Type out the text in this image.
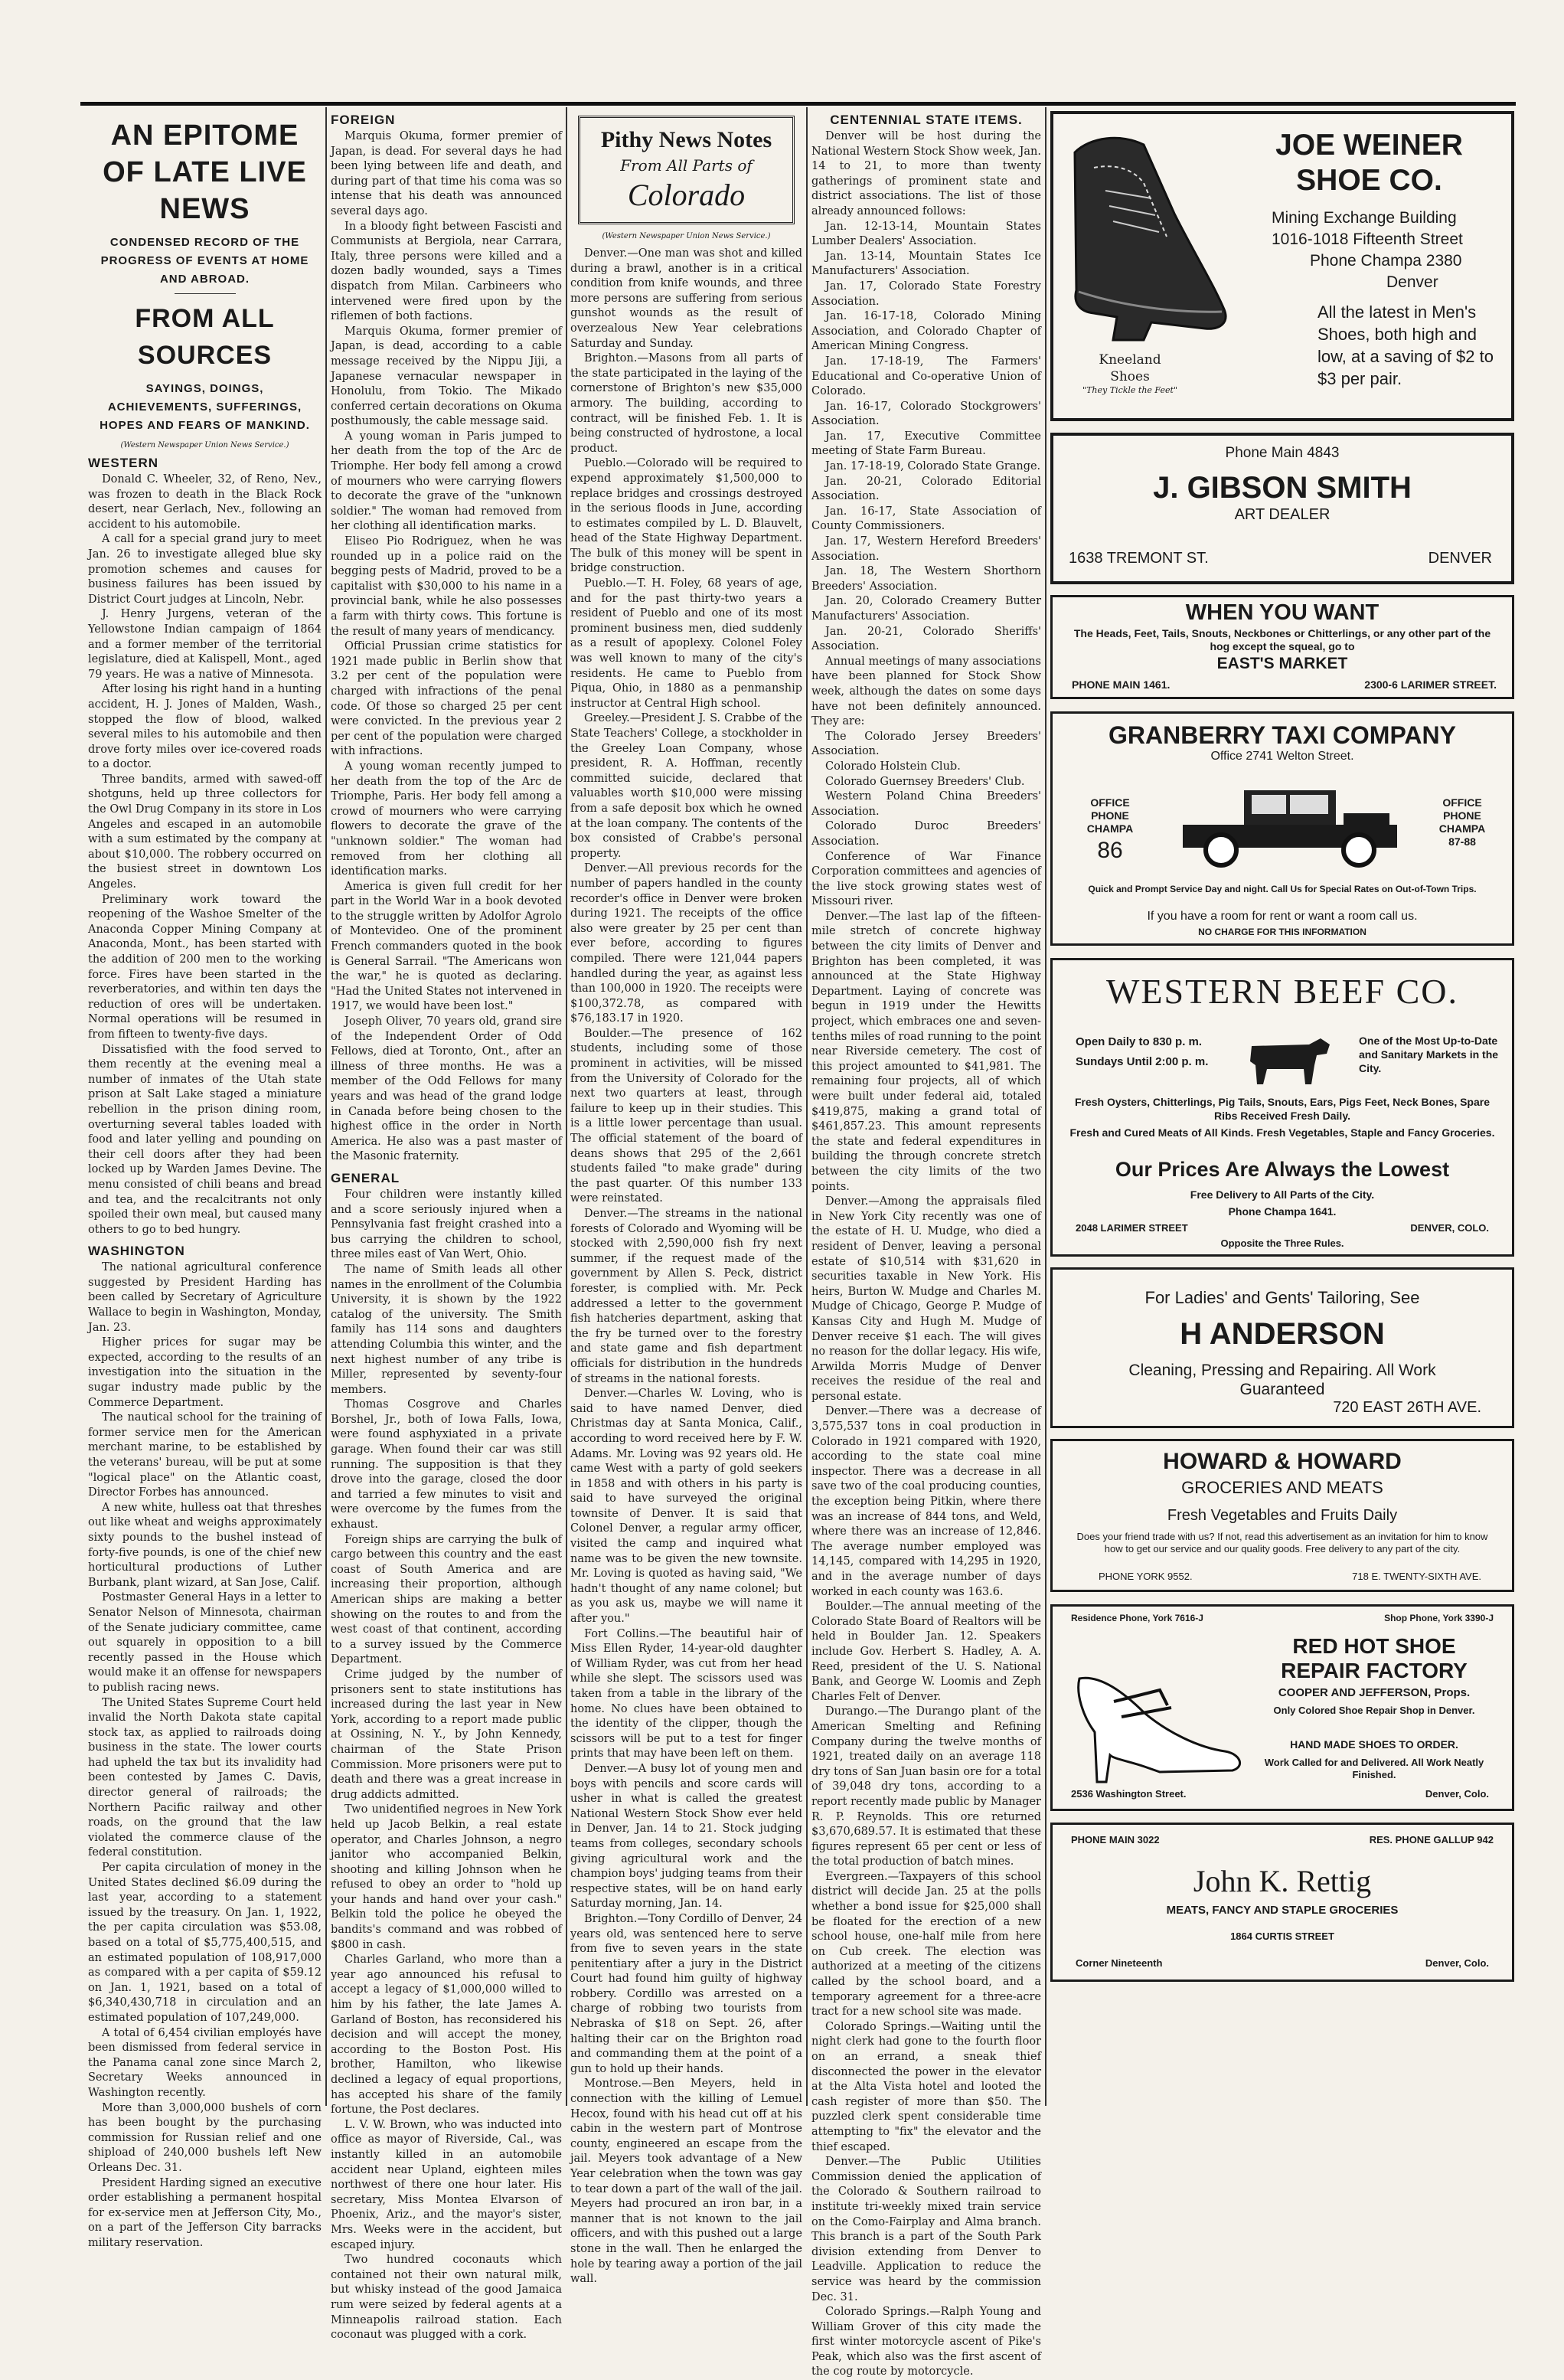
AN EPITOME OF LATE LIVE NEWS
CONDENSED RECORD OF THE PROGRESS OF EVENTS AT HOME AND ABROAD.
FROM ALL SOURCES
SAYINGS, DOINGS, ACHIEVEMENTS, SUFFERINGS, HOPES AND FEARS OF MANKIND.
(Western Newspaper Union News Service.)
WESTERN

Donald C. Wheeler, 32, of Reno, Nev., was frozen to death in the Black Rock desert, near Gerlach, Nev., following an accident to his automobile.

A call for a special grand jury to meet Jan. 26 to investigate alleged blue sky promotion schemes and causes for business failures has been issued by District Court judges at Lincoln, Nebr.

J. Henry Jurgens, veteran of the Yellowstone Indian campaign of 1864 and a former member of the territorial legislature, died at Kalispell, Mont., aged 79 years. He was a native of Minnesota.

After losing his right hand in a hunting accident, H. J. Jones of Malden, Wash., stopped the flow of blood, walked several miles to his automobile and then drove forty miles over ice-covered roads to a doctor.

Three bandits, armed with sawed-off shotguns, held up three collectors for the Owl Drug Company in its store in Los Angeles and escaped in an automobile with a sum estimated by the company at about $10,000. The robbery occurred on the busiest street in downtown Los Angeles.

Preliminary work toward the reopening of the Washoe Smelter of the Anaconda Copper Mining Company at Anaconda, Mont., has been started with the addition of 200 men to the working force. Fires have been started in the reverberatories, and within ten days the reduction of ores will be undertaken. Normal operations will be resumed in from fifteen to twenty-five days.

Dissatisfied with the food served to them recently at the evening meal a number of inmates of the Utah state prison at Salt Lake staged a miniature rebellion in the prison dining room, overturning several tables loaded with food and later yelling and pounding on their cell doors after they had been locked up by Warden James Devine. The menu consisted of chili beans and bread and tea, and the recalcitrants not only spoiled their own meal, but caused many others to go to bed hungry.

WASHINGTON

The national agricultural conference suggested by President Harding has been called by Secretary of Agriculture Wallace to begin in Washington, Monday, Jan. 23.

Higher prices for sugar may be expected, according to the results of an investigation into the situation in the sugar industry made public by the Commerce Department.

The nautical school for the training of former service men for the American merchant marine, to be established by the veterans' bureau, will be put at some "logical place" on the Atlantic coast, Director Forbes has announced.

A new white, hulless oat that threshes out like wheat and weighs approximately sixty pounds to the bushel instead of forty-five pounds, is one of the chief new horticultural productions of Luther Burbank, plant wizard, at San Jose, Calif.

Postmaster General Hays in a letter to Senator Nelson of Minnesota, chairman of the Senate judiciary committee, came out squarely in opposition to a bill recently passed in the House which would make it an offense for newspapers to publish racing news.

The United States Supreme Court held invalid the North Dakota state capital stock tax, as applied to railroads doing business in the state. The lower courts had upheld the tax but its invalidity had been contested by James C. Davis, director general of railroads; the Northern Pacific railway and other roads, on the ground that the law violated the commerce clause of the federal constitution.

Per capita circulation of money in the United States declined $6.09 during the last year, according to a statement issued by the treasury. On Jan. 1, 1922, the per capita circulation was $53.08, based on a total of $5,775,400,515, and an estimated population of 108,917,000 as compared with a per capita of $59.12 on Jan. 1, 1921, based on a total of $6,340,430,718 in circulation and an estimated population of 107,249,000.

A total of 6,454 civilian employés have been dismissed from federal service in the Panama canal zone since March 2, Secretary Weeks announced in Washington recently.

More than 3,000,000 bushels of corn has been bought by the purchasing commission for Russian relief and one shipload of 240,000 bushels left New Orleans Dec. 31.

President Harding signed an executive order establishing a permanent hospital for ex-service men at Jefferson City, Mo., on a part of the Jefferson City barracks military reservation.

FOREIGN

Marquis Okuma, former premier of Japan, is dead. For several days he had been lying between life and death, and during part of that time his coma was so intense that his death was announced several days ago.

In a bloody fight between Fascisti and Communists at Bergiola, near Carrara, Italy, three persons were killed and a dozen badly wounded, says a Times dispatch from Milan. Carbineers who intervened were fired upon by the riflemen of both factions.

Marquis Okuma, former premier of Japan, is dead, according to a cable message received by the Nippu Jiji, a Japanese vernacular newspaper in Honolulu, from Tokio. The Mikado conferred certain decorations on Okuma posthumously, the cable message said.

A young woman in Paris jumped to her death from the top of the Arc de Triomphe. Her body fell among a crowd of mourners who were carrying flowers to decorate the grave of the "unknown soldier." The woman had removed from her clothing all identification marks.

Eliseo Pio Rodriguez, when he was rounded up in a police raid on the begging pests of Madrid, proved to be a capitalist with $30,000 to his name in a provincial bank, while he also possesses a farm with thirty cows. This fortune is the result of many years of mendicancy.

Official Prussian crime statistics for 1921 made public in Berlin show that 3.2 per cent of the population were charged with infractions of the penal code. Of those so charged 25 per cent were convicted. In the previous year 2 per cent of the population were charged with infractions.

A young woman recently jumped to her death from the top of the Arc de Triomphe, Paris. Her body fell among a crowd of mourners who were carrying flowers to decorate the grave of the "unknown soldier." The woman had removed from her clothing all identification marks.

America is given full credit for her part in the World War in a book devoted to the struggle written by Adolfor Agrolo of Montevideo. One of the prominent French commanders quoted in the book is General Sarrail. "The Americans won the war," he is quoted as declaring. "Had the United States not intervened in 1917, we would have been lost."

Joseph Oliver, 70 years old, grand sire of the Independent Order of Odd Fellows, died at Toronto, Ont., after an illness of three months. He was a member of the Odd Fellows for many years and was head of the grand lodge in Canada before being chosen to the highest office in the order in North America. He also was a past master of the Masonic fraternity.

GENERAL

Four children were instantly killed and a score seriously injured when a Pennsylvania fast freight crashed into a bus carrying the children to school, three miles east of Van Wert, Ohio.

The name of Smith leads all other names in the enrollment of the Columbia University, it is shown by the 1922 catalog of the university. The Smith family has 114 sons and daughters attending Columbia this winter, and the next highest number of any tribe is Miller, represented by seventy-four members.

Thomas Cosgrove and Charles Borshel, Jr., both of Iowa Falls, Iowa, were found asphyxiated in a private garage. When found their car was still running. The supposition is that they drove into the garage, closed the door and tarried a few minutes to visit and were overcome by the fumes from the exhaust.

Foreign ships are carrying the bulk of cargo between this country and the east coast of South America and are increasing their proportion, although American ships are making a better showing on the routes to and from the west coast of that continent, according to a survey issued by the Commerce Department.

Crime judged by the number of prisoners sent to state institutions has increased during the last year in New York, according to a report made public at Ossining, N. Y., by John Kennedy, chairman of the State Prison Commission. More prisoners were put to death and there was a great increase in drug addicts admitted.

Two unidentified negroes in New York held up Jacob Belkin, a real estate operator, and Charles Johnson, a negro janitor who accompanied Belkin, shooting and killing Johnson when he refused to obey an order to "hold up your hands and hand over your cash." Belkin told the police he obeyed the bandits's command and was robbed of $800 in cash.

Charles Garland, who more than a year ago announced his refusal to accept a legacy of $1,000,000 willed to him by his father, the late James A. Garland of Boston, has reconsidered his decision and will accept the money, according to the Boston Post. His brother, Hamilton, who likewise declined a legacy of equal proportions, has accepted his share of the family fortune, the Post declares.

L. V. W. Brown, who was inducted into office as mayor of Riverside, Cal., was instantly killed in an automobile accident near Upland, eighteen miles northwest of there one hour later. His secretary, Miss Montea Elvarson of Phoenix, Ariz., and the mayor's sister, Mrs. Weeks were in the accident, but escaped injury.

Two hundred coconauts which contained not their own natural milk, but whisky instead of the good Jamaica rum were seized by federal agents at a Minneapolis railroad station. Each coconaut was plugged with a cork.

Pithy News Notes
From All Parts of
Colorado
(Western Newspaper Union News Service.)

Denver.—One man was shot and killed during a brawl, another is in a critical condition from knife wounds, and three more persons are suffering from serious gunshot wounds as the result of overzealous New Year celebrations Saturday and Sunday.

Brighton.—Masons from all parts of the state participated in the laying of the cornerstone of Brighton's new $35,000 armory. The building, according to contract, will be finished Feb. 1. It is being constructed of hydrostone, a local product.

Pueblo.—Colorado will be required to expend approximately $1,500,000 to replace bridges and crossings destroyed in the serious floods in June, according to estimates compiled by L. D. Blauvelt, head of the State Highway Department. The bulk of this money will be spent in bridge construction.

Pueblo.—T. H. Foley, 68 years of age, and for the past thirty-two years a resident of Pueblo and one of its most prominent business men, died suddenly as a result of apoplexy. Colonel Foley was well known to many of the city's residents. He came to Pueblo from Piqua, Ohio, in 1880 as a penmanship instructor at Central High school.

Greeley.—President J. S. Crabbe of the State Teachers' College, a stockholder in the Greeley Loan Company, whose president, R. A. Hoffman, recently committed suicide, declared that valuables worth $10,000 were missing from a safe deposit box which he owned at the loan company. The contents of the box consisted of Crabbe's personal property.

Denver.—All previous records for the number of papers handled in the county recorder's office in Denver were broken during 1921. The receipts of the office also were greater by 25 per cent than ever before, according to figures compiled. There were 121,044 papers handled during the year, as against less than 100,000 in 1920. The receipts were $100,372.78, as compared with $76,183.17 in 1920.

Boulder.—The presence of 162 students, including some of those prominent in activities, will be missed from the University of Colorado for the next two quarters at least, through failure to keep up in their studies. This is a little lower percentage than usual. The official statement of the board of deans shows that 295 of the 2,661 students failed "to make grade" during the past quarter. Of this number 133 were reinstated.

Denver.—The streams in the national forests of Colorado and Wyoming will be stocked with 2,590,000 fish fry next summer, if the request made of the government by Allen S. Peck, district forester, is complied with. Mr. Peck addressed a letter to the government fish hatcheries department, asking that the fry be turned over to the forestry and state game and fish department officials for distribution in the hundreds of streams in the national forests.

Denver.—Charles W. Loving, who is said to have named Denver, died Christmas day at Santa Monica, Calif., according to word received here by F. W. Adams. Mr. Loving was 92 years old. He came West with a party of gold seekers in 1858 and with others in his party is said to have surveyed the original townsite of Denver. It is said that Colonel Denver, a regular army officer, visited the camp and inquired what name was to be given the new townsite. Mr. Loving is quoted as having said, "We hadn't thought of any name colonel; but as you ask us, maybe we will name it after you."

Fort Collins.—The beautiful hair of Miss Ellen Ryder, 14-year-old daughter of William Ryder, was cut from her head while she slept. The scissors used was taken from a table in the library of the home. No clues have been obtained to the identity of the clipper, though the scissors will be put to a test for finger prints that may have been left on them.

Denver.—A busy lot of young men and boys with pencils and score cards will usher in what is called the greatest National Western Stock Show ever held in Denver, Jan. 14 to 21. Stock judging teams from colleges, secondary schools giving agricultural work and the champion boys' judging teams from their respective states, will be on hand early Saturday morning, Jan. 14.

Brighton.—Tony Cordillo of Denver, 24 years old, was sentenced here to serve from five to seven years in the state penitentiary after a jury in the District Court had found him guilty of highway robbery. Cordillo was arrested on a charge of robbing two tourists from Nebraska of $18 on Sept. 26, after halting their car on the Brighton road and commanding them at the point of a gun to hold up their hands.

Montrose.—Ben Meyers, held in connection with the killing of Lemuel Hecox, found with his head cut off at his cabin in the western part of Montrose county, engineered an escape from the jail. Meyers took advantage of a New Year celebration when the town was gay to tear down a part of the wall of the jail. Meyers had procured an iron bar, in a manner that is not known to the jail officers, and with this pushed out a large stone in the wall. Then he enlarged the hole by tearing away a portion of the jail wall.

CENTENNIAL STATE ITEMS.

Denver will be host during the National Western Stock Show week, Jan. 14 to 21, to more than twenty gatherings of prominent state and district associations. The list of those already announced follows:

Jan. 12-13-14, Mountain States Lumber Dealers' Association.

Jan. 13-14, Mountain States Ice Manufacturers' Association.

Jan. 17, Colorado State Forestry Association.

Jan. 16-17-18, Colorado Mining Association, and Colorado Chapter of American Mining Congress.

Jan. 17-18-19, The Farmers' Educational and Co-operative Union of Colorado.

Jan. 16-17, Colorado Stockgrowers' Association.

Jan. 17, Executive Committee meeting of State Farm Bureau.

Jan. 17-18-19, Colorado State Grange.

Jan. 20-21, Colorado Editorial Association.

Jan. 16-17, State Association of County Commissioners.

Jan. 17, Western Hereford Breeders' Association.

Jan. 18, The Western Shorthorn Breeders' Association.

Jan. 20, Colorado Creamery Butter Manufacturers' Association.

Jan. 20-21, Colorado Sheriffs' Association.

Annual meetings of many associations have been planned for Stock Show week, although the dates on some days have not been definitely announced. They are:

The Colorado Jersey Breeders' Association.

Colorado Holstein Club.

Colorado Guernsey Breeders' Club.

Western Poland China Breeders' Association.

Colorado Duroc Breeders' Association.

Conference of War Finance Corporation committees and agencies of the live stock growing states west of Missouri river.

Denver.—The last lap of the fifteen-mile stretch of concrete highway between the city limits of Denver and Brighton has been completed, it was announced at the State Highway Department. Laying of concrete was begun in 1919 under the Hewitts project, which embraces one and seven-tenths miles of road running to the point near Riverside cemetery. The cost of this project amounted to $41,981. The remaining four projects, all of which were built under federal aid, totaled $419,875, making a grand total of $461,857.23. This amount represents the state and federal expenditures in building the through concrete stretch between the city limits of the two points.

Denver.—Among the appraisals filed in New York City recently was one of the estate of H. U. Mudge, who died a resident of Denver, leaving a personal estate of $10,514 with $31,620 in securities taxable in New York. His heirs, Burton W. Mudge and Charles M. Mudge of Chicago, George P. Mudge of Kansas City and Hugh M. Mudge of Denver receive $1 each. The will gives no reason for the dollar legacy. His wife, Arwilda Morris Mudge of Denver receives the residue of the real and personal estate.

Denver.—There was a decrease of 3,575,537 tons in coal production in Colorado in 1921 compared with 1920, according to the state coal mine inspector. There was a decrease in all save two of the coal producing counties, the exception being Pitkin, where there was an increase of 844 tons, and Weld, where there was an increase of 12,846. The average number employed was 14,145, compared with 14,295 in 1920, and in the average number of days worked in each county was 163.6.

Boulder.—The annual meeting of the Colorado State Board of Realtors will be held in Boulder Jan. 12. Speakers include Gov. Herbert S. Hadley, A. A. Reed, president of the U. S. National Bank, and George W. Loomis and Zeph Charles Felt of Denver.

Durango.—The Durango plant of the American Smelting and Refining Company during the twelve months of 1921, treated daily on an average 118 dry tons of San Juan basin ore for a total of 39,048 dry tons, according to a report recently made public by Manager R. P. Reynolds. This ore returned $3,670,689.57. It is estimated that these figures represent 65 per cent or less of the total production of batch mines.

Evergreen.—Taxpayers of this school district will decide Jan. 25 at the polls whether a bond issue for $25,000 shall be floated for the erection of a new school house, one-half mile from here on Cub creek. The election was authorized at a meeting of the citizens called by the school board, and a temporary agreement for a three-acre tract for a new school site was made.

Colorado Springs.—Waiting until the night clerk had gone to the fourth floor on an errand, a sneak thief disconnected the power in the elevator at the Alta Vista hotel and looted the cash register of more than $50. The puzzled clerk spent considerable time attempting to "fix" the elevator and the thief escaped.

Denver.—The Public Utilities Commission denied the application of the Colorado & Southern railroad to institute tri-weekly mixed train service on the Como-Fairplay and Alma branch. This branch is a part of the South Park division extending from Denver to Leadville. Application to reduce the service was heard by the commission Dec. 31.

Colorado Springs.—Ralph Young and William Grover of this city made the first winter motorcycle ascent of Pike's Peak, which also was the first ascent of the cog route by motorcycle.

Kneeland
Shoes
"They Tickle the Feet"
JOE WEINER SHOE CO.
Mining Exchange Building
1016-1018 Fifteenth Street
Phone Champa 2380
Denver
All the latest in Men's Shoes, both high and low, at a saving of $2 to $3 per pair.
Phone Main 4843
J. GIBSON SMITH
ART DEALER
1638 TREMONT ST.	DENVER
WHEN YOU WANT
The Heads, Feet, Tails, Snouts, Neckbones or Chitterlings, or any other part of the hog except the squeal, go to
EAST'S MARKET
PHONE MAIN 1461.	2300-6 LARIMER STREET.
GRANBERRY TAXI COMPANY
Office 2741 Welton Street.
OFFICE PHONE CHAMPA
86
OFFICE PHONE CHAMPA
87-88
Quick and Prompt Service Day and night. Call Us for Special Rates on Out-of-Town Trips.
If you have a room for rent or want a room call us.
NO CHARGE FOR THIS INFORMATION
WESTERN BEEF CO.
Open Daily to 830 p. m.
Sundays Until 2:00 p. m.
One of the Most Up-to-Date and Sanitary Markets in the City.
Fresh Oysters, Chitterlings, Pig Tails, Snouts, Ears, Pigs Feet, Neck Bones, Spare Ribs Received Fresh Daily.
Fresh and Cured Meats of All Kinds. Fresh Vegetables, Staple and Fancy Groceries.
Our Prices Are Always the Lowest
Free Delivery to All Parts of the City.
Phone Champa 1641.
2048 LARIMER STREET	DENVER, COLO.
Opposite the Three Rules.
For Ladies' and Gents' Tailoring, See
H ANDERSON
Cleaning, Pressing and Repairing. All Work Guaranteed
720 EAST 26TH AVE.
HOWARD & HOWARD
GROCERIES AND MEATS
Fresh Vegetables and Fruits Daily
Does your friend trade with us? If not, read this advertisement as an invitation for him to know how to get our service and our quality goods. Free delivery to any part of the city.
PHONE YORK 9552.	718 E. TWENTY-SIXTH AVE.
Residence Phone, York 7616-J	Shop Phone, York 3390-J
RED HOT SHOE
REPAIR FACTORY
COOPER AND JEFFERSON, Props.
Only Colored Shoe Repair Shop in Denver.
HAND MADE SHOES TO ORDER.
Work Called for and Delivered. All Work Neatly Finished.
2536 Washington Street.	Denver, Colo.
PHONE MAIN 3022	RES. PHONE GALLUP 942
John K. Rettig
MEATS, FANCY AND STAPLE GROCERIES
1864 CURTIS STREET
Corner Nineteenth	Denver, Colo.
